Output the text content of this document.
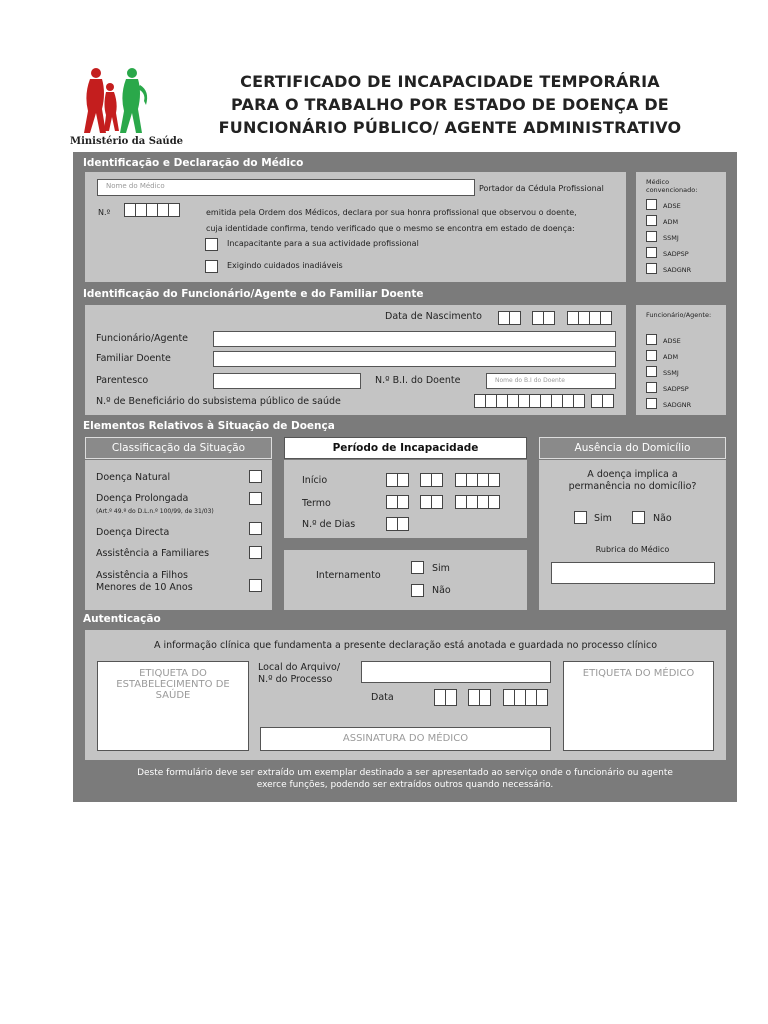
Ministério da Saúde
CERTIFICADO DE INCAPACIDADE TEMPORÁRIA
PARA O TRABALHO POR ESTADO DE DOENÇA DE
FUNCIONÁRIO PÚBLICO/ AGENTE ADMINISTRATIVO
Identificação e Declaração do Médico
Nome do Médico	Portador da Cédula Profissional
N.º	emitida pela Ordem dos Médicos, declara por sua honra profissional que observou o doente,
cuja identidade confirma, tendo verificado que o mesmo se encontra em estado de doença:
Incapacitante para a sua actividade profissional
Exigindo cuidados inadiáveis
Médico
convencionado:
ADSE
ADM
SSMJ
SADPSP
SADGNR
Identificação do Funcionário/Agente e do Familiar Doente
Data de Nascimento
Funcionário/Agente
Familiar Doente
Parentesco	N.º B.I. do Doente	Nome do B.I do Doente
N.º de Beneficiário do subsistema público de saúde
Funcionário/Agente:
ADSE
ADM
SSMJ
SADPSP
SADGNR
Elementos Relativos à Situação de Doença
Classificação da Situação
Doença Natural
Doença Prolongada
(Art.º 49.º do D.L.n.º 100/99, de 31/03)
Doença Directa
Assistência a Familiares
Assistência a Filhos
Menores de 10 Anos
Período de Incapacidade
Início
Termo
N.º de Dias
Internamento
Sim
Não
Ausência do Domicílio
A doença implica a
permanência no domicílio?
Sim	Não
Rubrica do Médico
Autenticação
A informação clínica que fundamenta a presente declaração está anotada e guardada no processo clínico
ETIQUETA DO
ESTABELECIMENTO DE
SAÚDE
Local do Arquivo/
N.º do Processo
Data
ASSINATURA DO MÉDICO
ETIQUETA DO MÉDICO
Deste formulário deve ser extraído um exemplar destinado a ser apresentado ao serviço onde o funcionário ou agente
exerce funções, podendo ser extraídos outros quando necessário.
